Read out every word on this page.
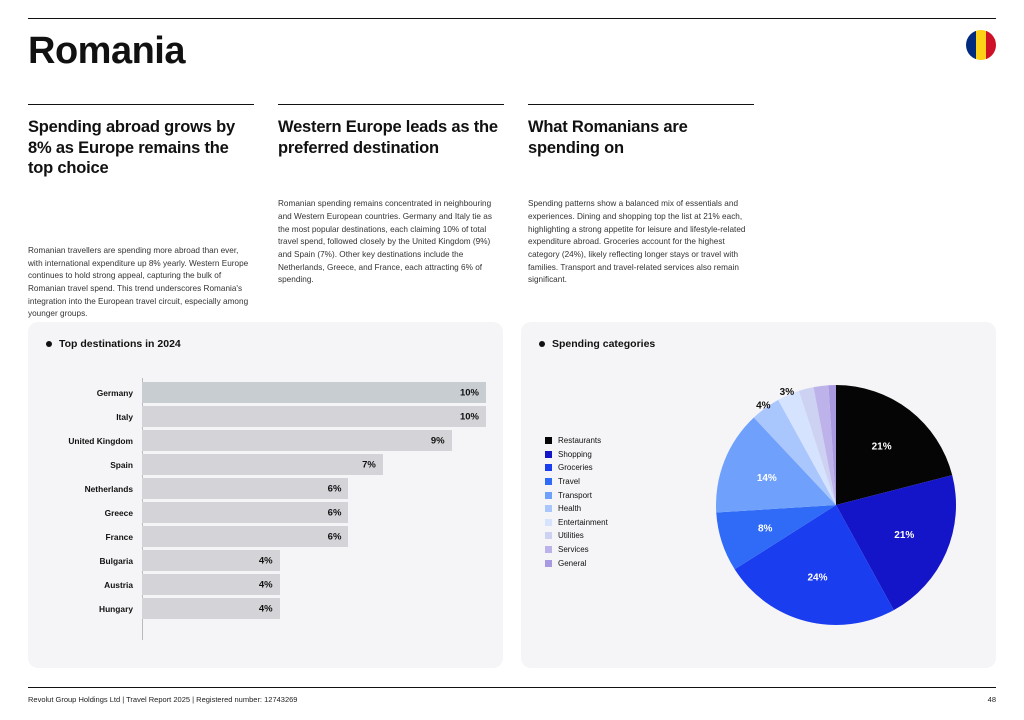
Romania
Spending abroad grows by 8% as Europe remains the top choice

Romanian travellers are spending more abroad than ever, with international expenditure up 8% yearly. Western Europe continues to hold strong appeal, capturing the bulk of Romanian travel spend. This trend underscores Romania's integration into the European travel circuit, especially among younger groups.

Western Europe leads as the preferred destination

Romanian spending remains concentrated in neighbouring and Western European countries. Germany and Italy tie as the most popular destinations, each claiming 10% of total travel spend, followed closely by the United Kingdom (9%) and Spain (7%). Other key destinations include the Netherlands, Greece, and France, each attracting 6% of spending.

What Romanians are spending on

Spending patterns show a balanced mix of essentials and experiences. Dining and shopping top the list at 21% each, highlighting a strong appetite for leisure and lifestyle-related expenditure abroad. Groceries account for the highest category (24%), likely reflecting longer stays or travel with families. Transport and travel-related services also remain significant.

Top destinations in 2024
Germany	10%
Italy	10%
United Kingdom	9%
Spain	7%
Netherlands	6%
Greece	6%
France	6%
Bulgaria	4%
Austria	4%
Hungary	4%
Spending categories
Restaurants
Shopping
Groceries
Travel
Transport
Health
Entertainment
Utilities
Services
General
21%
21%
24%
8%
14%
4%
3%
Revolut Group Holdings Ltd | Travel Report 2025 | Registered number: 12743269	48
